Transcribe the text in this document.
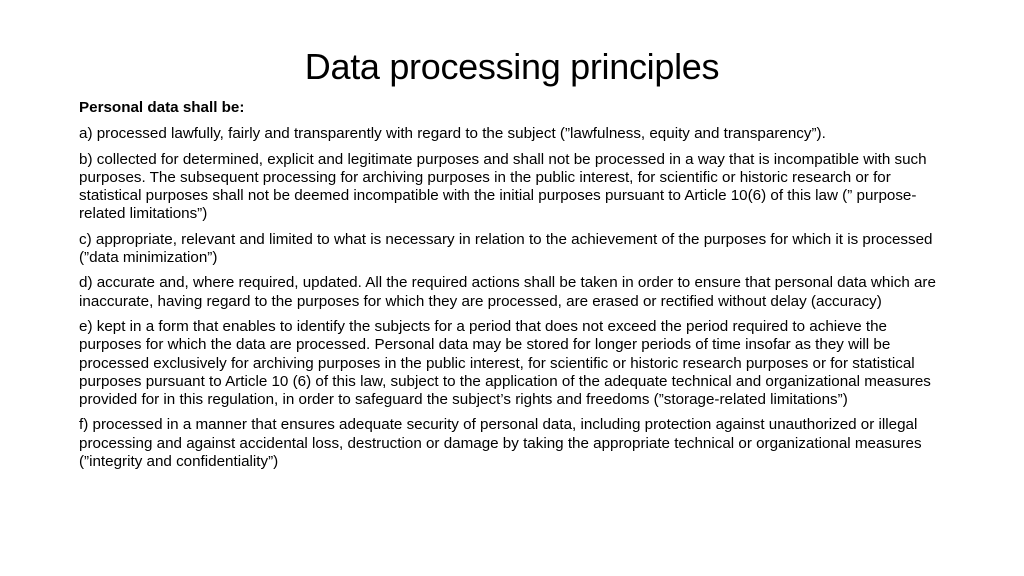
Data processing principles

Personal data shall be:

a) processed lawfully, fairly and transparently with regard to the subject (”lawfulness, equity and transparency”).

b) collected for determined, explicit and legitimate purposes and shall not be processed in a way that is incompatible with such purposes. The subsequent processing for archiving purposes in the public interest, for scientific or historic research or for statistical purposes shall not be deemed incompatible with the initial purposes pursuant to Article 10(6) of this law (” purpose-related limitations”)

c) appropriate, relevant and limited to what is necessary in relation to the achievement of the purposes for which it is processed (”data minimization”)

d) accurate and, where required, updated. All the required actions shall be taken in order to ensure that personal data which are inaccurate, having regard to the purposes for which they are processed, are erased or rectified without delay (accuracy)

e) kept in a form that enables to identify the subjects for a period that does not exceed the period required to achieve the purposes for which the data are processed. Personal data may be stored for longer periods of time insofar as they will be processed exclusively for archiving purposes in the public interest, for scientific or historic research purposes or for statistical purposes pursuant to Article 10 (6) of this law, subject to the application of the adequate technical and organizational measures provided for in this regulation, in order to safeguard the subject’s rights and freedoms (”storage-related limitations”)

f) processed in a manner that ensures adequate security of personal data, including protection against unauthorized or illegal processing and against accidental loss, destruction or damage by taking the appropriate technical or organizational measures (”integrity and confidentiality”)
